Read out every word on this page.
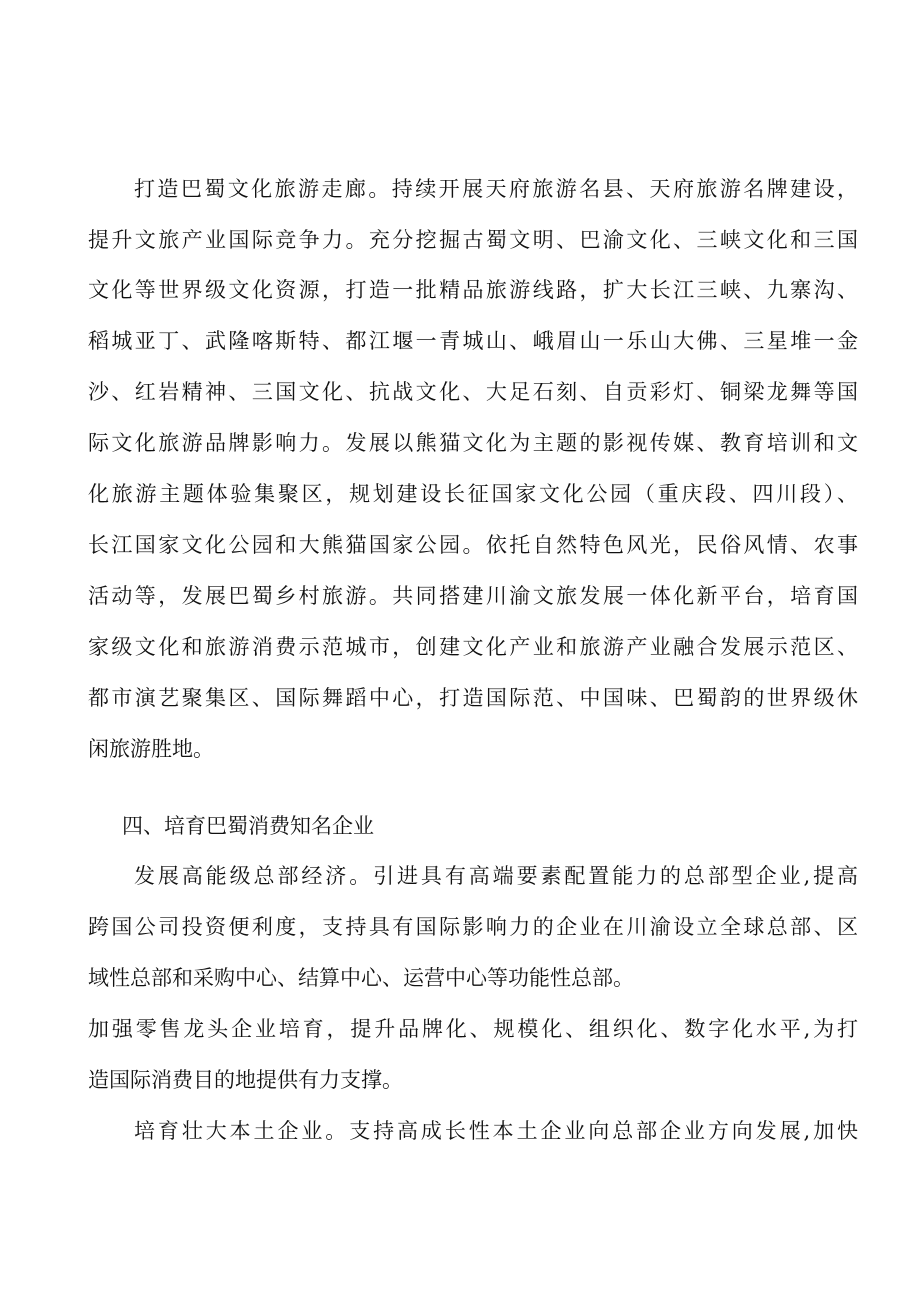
打造巴蜀文化旅游走廊。持续开展天府旅游名县、天府旅游名牌建设，
提升文旅产业国际竞争力。充分挖掘古蜀文明、巴渝文化、三峡文化和三国
文化等世界级文化资源，打造一批精品旅游线路，扩大长江三峡、九寨沟、
稻城亚丁、武隆喀斯特、都江堰一青城山、峨眉山一乐山大佛、三星堆一金
沙、红岩精神、三国文化、抗战文化、大足石刻、自贡彩灯、铜梁龙舞等国
际文化旅游品牌影响力。发展以熊猫文化为主题的影视传媒、教育培训和文
化旅游主题体验集聚区，规划建设长征国家文化公园（重庆段、四川段）、
长江国家文化公园和大熊猫国家公园。依托自然特色风光，民俗风情、农事
活动等，发展巴蜀乡村旅游。共同搭建川渝文旅发展一体化新平台，培育国
家级文化和旅游消费示范城市，创建文化产业和旅游产业融合发展示范区、
都市演艺聚集区、国际舞蹈中心，打造国际范、中国味、巴蜀韵的世界级休
闲旅游胜地。
四、培育巴蜀消费知名企业
发展高能级总部经济。引进具有高端要素配置能力的总部型企业,提高
跨国公司投资便利度，支持具有国际影响力的企业在川渝设立全球总部、区
域性总部和采购中心、结算中心、运营中心等功能性总部。
加强零售龙头企业培育，提升品牌化、规模化、组织化、数字化水平,为打
造国际消费目的地提供有力支撑。
培育壮大本土企业。支持高成长性本土企业向总部企业方向发展,加快
